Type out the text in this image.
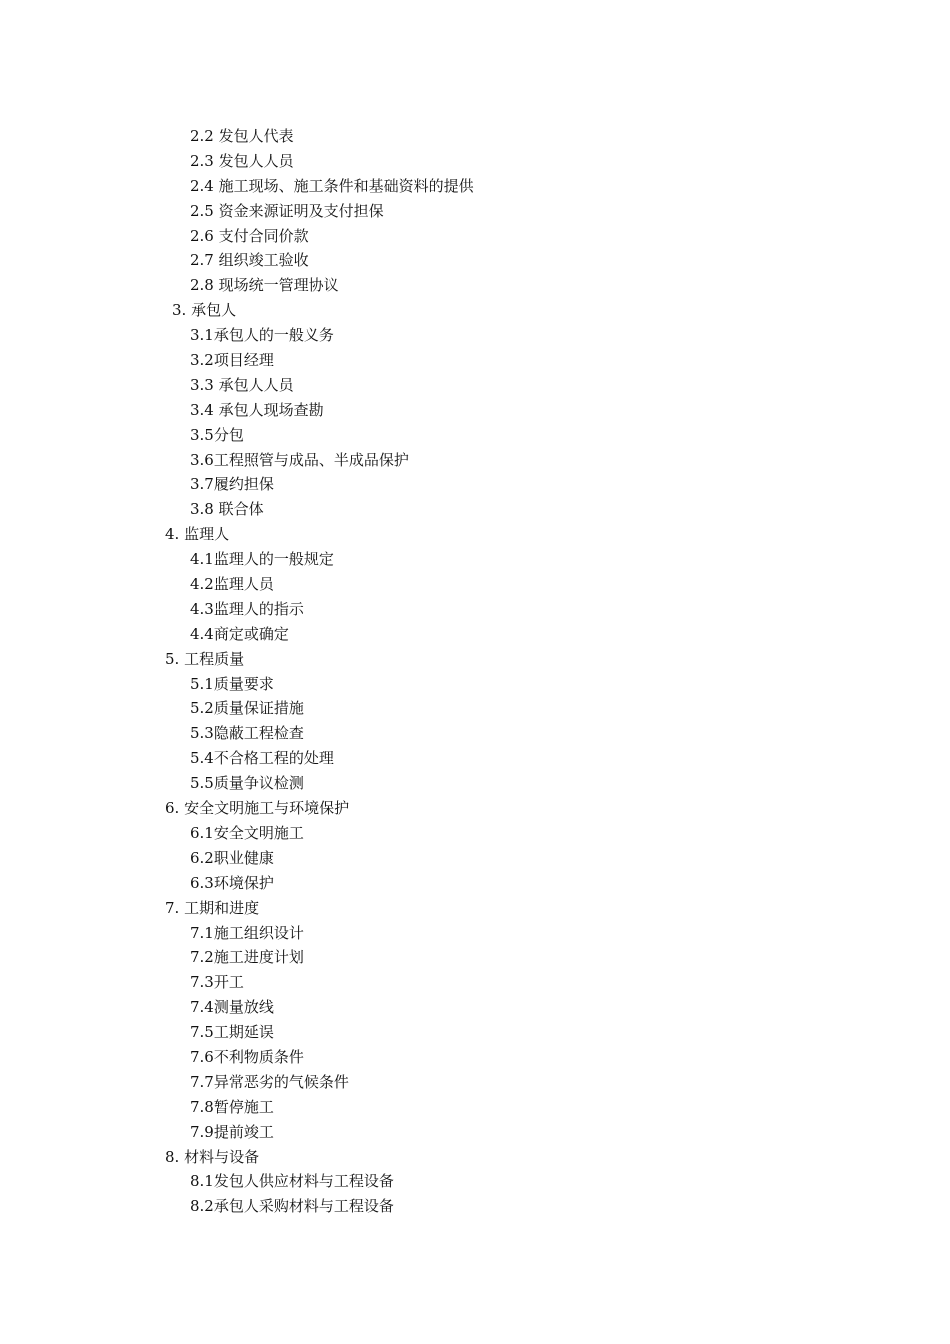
2.2 发包人代表
2.3 发包人人员
2.4 施工现场、施工条件和基础资料的提供
2.5 资金来源证明及支付担保
2.6 支付合同价款
2.7 组织竣工验收
2.8 现场统一管理协议
3. 承包人
3.1承包人的一般义务
3.2项目经理
3.3 承包人人员
3.4 承包人现场查勘
3.5分包
3.6工程照管与成品、半成品保护
3.7履约担保
3.8 联合体
4. 监理人
4.1监理人的一般规定
4.2监理人员
4.3监理人的指示
4.4商定或确定
5. 工程质量
5.1质量要求
5.2质量保证措施
5.3隐蔽工程检查
5.4不合格工程的处理
5.5质量争议检测
6. 安全文明施工与环境保护
6.1安全文明施工
6.2职业健康
6.3环境保护
7. 工期和进度
7.1施工组织设计
7.2施工进度计划
7.3开工
7.4测量放线
7.5工期延误
7.6不利物质条件
7.7异常恶劣的气候条件
7.8暂停施工
7.9提前竣工
8. 材料与设备
8.1发包人供应材料与工程设备
8.2承包人采购材料与工程设备
